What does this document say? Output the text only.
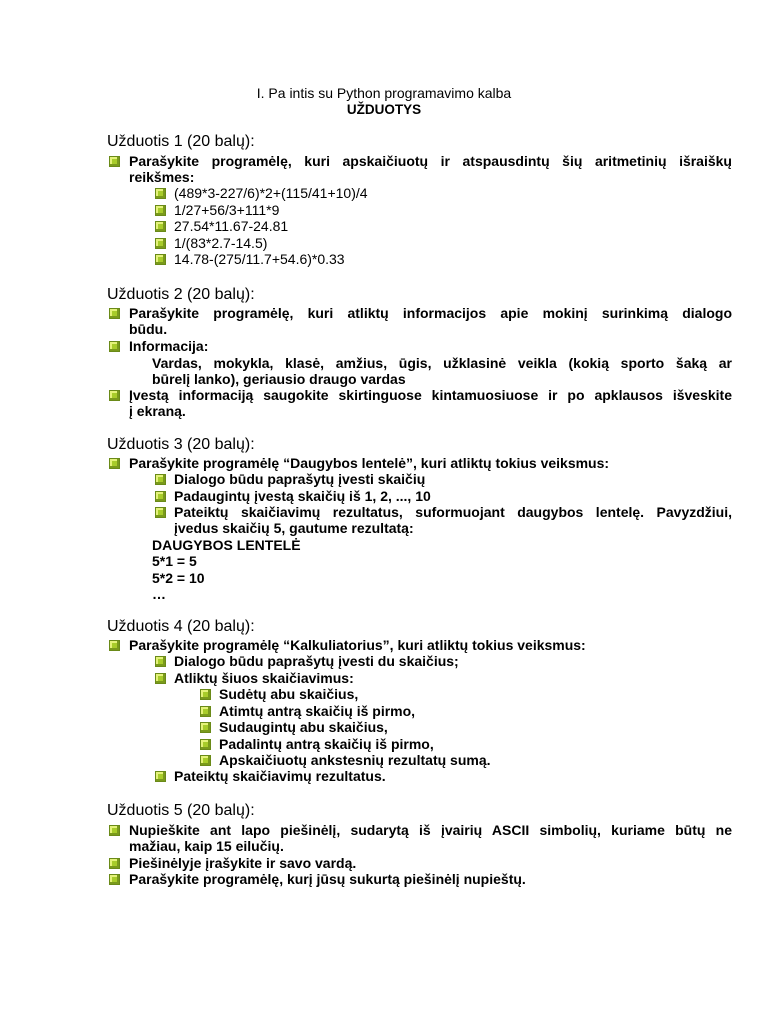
I. Pa intis su Python programavimo kalba
UŽDUOTYS
Užduotis 1 (20 balų):
Parašykite programėlę, kuri apskaičiuotų ir atspausdintų šių aritmetinių išraiškų
reikšmes:
(489*3-227/6)*2+(115/41+10)/4
1/27+56/3+111*9
27.54*11.67-24.81
1/(83*2.7-14.5)
14.78-(275/11.7+54.6)*0.33
Užduotis 2 (20 balų):
Parašykite programėlę, kuri atliktų informacijos apie mokinį surinkimą dialogo
būdu.
Informacija:
Vardas, mokykla, klasė, amžius, ūgis, užklasinė veikla (kokią sporto šaką ar
būrelį lanko), geriausio draugo vardas
Įvestą informaciją saugokite skirtinguose kintamuosiuose ir po apklausos išveskite
į ekraną.
Užduotis 3 (20 balų):
Parašykite programėlę “Daugybos lentelė”, kuri atliktų tokius veiksmus:
Dialogo būdu paprašytų įvesti skaičių
Padaugintų įvestą skaičių iš 1, 2, ..., 10
Pateiktų skaičiavimų rezultatus, suformuojant daugybos lentelę. Pavyzdžiui,
įvedus skaičių 5, gautume rezultatą:
DAUGYBOS LENTELĖ
5*1 = 5
5*2 = 10
…
Užduotis 4 (20 balų):
Parašykite programėlę “Kalkuliatorius”, kuri atliktų tokius veiksmus:
Dialogo būdu paprašytų įvesti du skaičius;
Atliktų šiuos skaičiavimus:
Sudėtų abu skaičius,
Atimtų antrą skaičių iš pirmo,
Sudaugintų abu skaičius,
Padalintų antrą skaičių iš pirmo,
Apskaičiuotų ankstesnių rezultatų sumą.
Pateiktų skaičiavimų rezultatus.
Užduotis 5 (20 balų):
Nupieškite ant lapo piešinėlį, sudarytą iš įvairių ASCII simbolių, kuriame būtų ne
mažiau, kaip 15 eilučių.
Piešinėlyje įrašykite ir savo vardą.
Parašykite programėlę, kurį jūsų sukurtą piešinėlį nupieštų.
